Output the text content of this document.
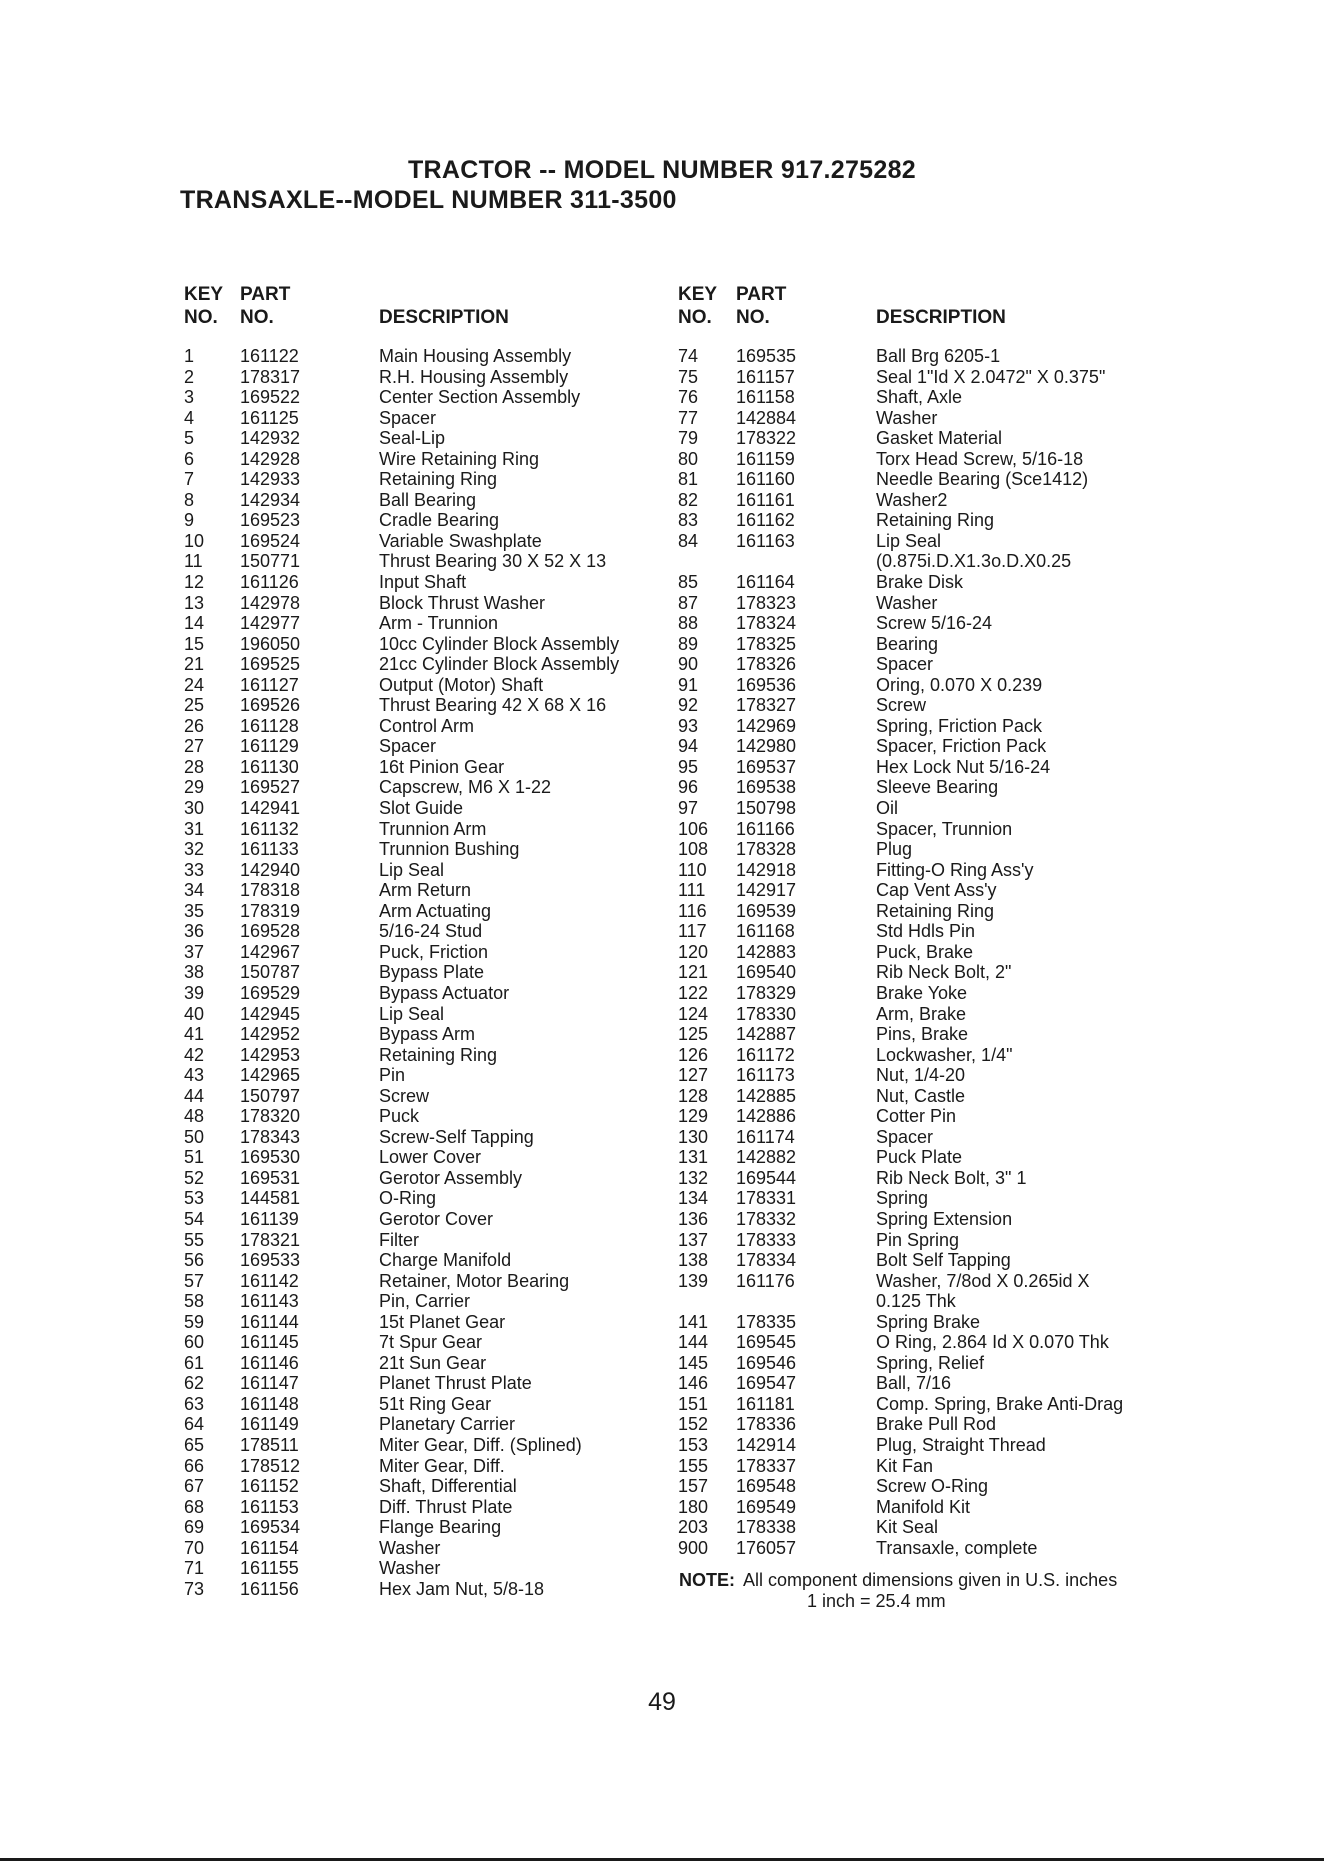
TRACTOR -- MODEL NUMBER 917.275282
TRANSAXLE--MODEL NUMBER 311-3500
KEY
NO.
PART
NO.	DESCRIPTION
KEY
NO.
PART
NO.	DESCRIPTION
1	161122	Main Housing Assembly
2	178317	R.H. Housing Assembly
3	169522	Center Section Assembly
4	161125	Spacer
5	142932	Seal-Lip
6	142928	Wire Retaining Ring
7	142933	Retaining Ring
8	142934	Ball Bearing
9	169523	Cradle Bearing
10	169524	Variable Swashplate
11	150771	Thrust Bearing 30 X 52 X 13
12	161126	Input Shaft
13	142978	Block Thrust Washer
14	142977	Arm - Trunnion
15	196050	10cc Cylinder Block Assembly
21	169525	21cc Cylinder Block Assembly
24	161127	Output (Motor) Shaft
25	169526	Thrust Bearing 42 X 68 X 16
26	161128	Control Arm
27	161129	Spacer
28	161130	16t Pinion Gear
29	169527	Capscrew, M6 X 1-22
30	142941	Slot Guide
31	161132	Trunnion Arm
32	161133	Trunnion Bushing
33	142940	Lip Seal
34	178318	Arm Return
35	178319	Arm Actuating
36	169528	5/16-24 Stud
37	142967	Puck, Friction
38	150787	Bypass Plate
39	169529	Bypass Actuator
40	142945	Lip Seal
41	142952	Bypass Arm
42	142953	Retaining Ring
43	142965	Pin
44	150797	Screw
48	178320	Puck
50	178343	Screw-Self Tapping
51	169530	Lower Cover
52	169531	Gerotor Assembly
53	144581	O-Ring
54	161139	Gerotor Cover
55	178321	Filter
56	169533	Charge Manifold
57	161142	Retainer, Motor Bearing
58	161143	Pin, Carrier
59	161144	15t Planet Gear
60	161145	7t Spur Gear
61	161146	21t Sun Gear
62	161147	Planet Thrust Plate
63	161148	51t Ring Gear
64	161149	Planetary Carrier
65	178511	Miter Gear, Diff. (Splined)
66	178512	Miter Gear, Diff.
67	161152	Shaft, Differential
68	161153	Diff. Thrust Plate
69	169534	Flange Bearing
70	161154	Washer
71	161155	Washer
73	161156	Hex Jam Nut, 5/8-18
74	169535	Ball Brg 6205-1
75	161157	Seal 1"Id X 2.0472" X 0.375"
76	161158	Shaft, Axle
77	142884	Washer
79	178322	Gasket Material
80	161159	Torx Head Screw, 5/16-18
81	161160	Needle Bearing (Sce1412)
82	161161	Washer2
83	161162	Retaining Ring
84	161163	Lip Seal
		(0.875i.D.X1.3o.D.X0.25
85	161164	Brake Disk
87	178323	Washer
88	178324	Screw 5/16-24
89	178325	Bearing
90	178326	Spacer
91	169536	Oring, 0.070 X 0.239
92	178327	Screw
93	142969	Spring, Friction Pack
94	142980	Spacer, Friction Pack
95	169537	Hex Lock Nut 5/16-24
96	169538	Sleeve Bearing
97	150798	Oil
106	161166	Spacer, Trunnion
108	178328	Plug
110	142918	Fitting-O Ring Ass'y
111	142917	Cap Vent Ass'y
116	169539	Retaining Ring
117	161168	Std Hdls Pin
120	142883	Puck, Brake
121	169540	Rib Neck Bolt, 2"
122	178329	Brake Yoke
124	178330	Arm, Brake
125	142887	Pins, Brake
126	161172	Lockwasher, 1/4"
127	161173	Nut, 1/4-20
128	142885	Nut, Castle
129	142886	Cotter Pin
130	161174	Spacer
131	142882	Puck Plate
132	169544	Rib Neck Bolt, 3" 1
134	178331	Spring
136	178332	Spring Extension
137	178333	Pin Spring
138	178334	Bolt Self Tapping
139	161176	Washer, 7/8od X 0.265id X
		0.125 Thk
141	178335	Spring Brake
144	169545	O Ring, 2.864 Id X 0.070 Thk
145	169546	Spring, Relief
146	169547	Ball, 7/16
151	161181	Comp. Spring, Brake Anti-Drag
152	178336	Brake Pull Rod
153	142914	Plug, Straight Thread
155	178337	Kit Fan
157	169548	Screw O-Ring
180	169549	Manifold Kit
203	178338	Kit Seal
900	176057	Transaxle, complete
NOTE: All component dimensions given in U.S. inches
1 inch = 25.4 mm
49
